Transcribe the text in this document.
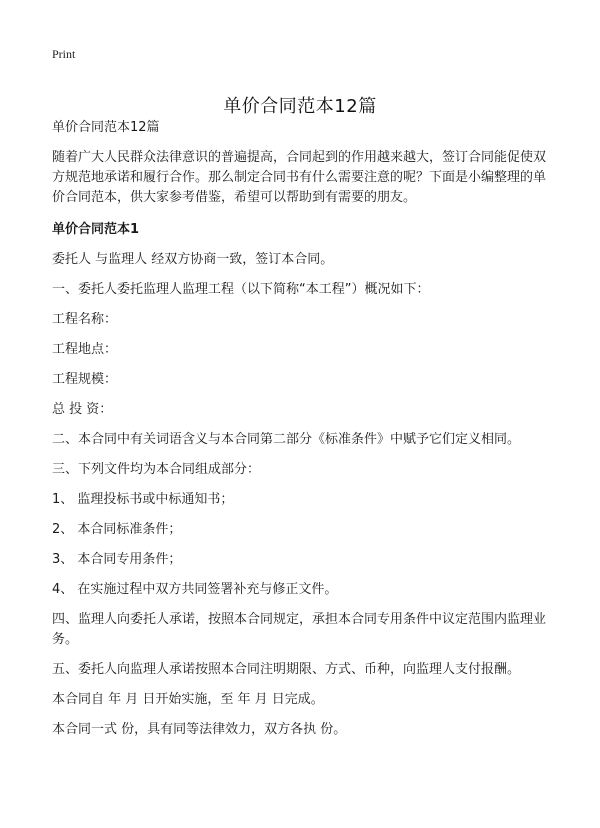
Print
单价合同范本12篇

单价合同范本12篇

随着广大人民群众法律意识的普遍提高，合同起到的作用越来越大，签订合同能促使双方规范地承诺和履行合作。那么制定合同书有什么需要注意的呢？下面是小编整理的单价合同范本，供大家参考借鉴，希望可以帮助到有需要的朋友。

单价合同范本1

委托人 与监理人 经双方协商一致，签订本合同。

一、委托人委托监理人监理工程（以下简称“本工程”）概况如下：

工程名称：

工程地点：

工程规模：

总 投 资：

二、本合同中有关词语含义与本合同第二部分《标准条件》中赋予它们定义相同。

三、下列文件均为本合同组成部分：

1、 监理投标书或中标通知书；

2、 本合同标准条件；

3、 本合同专用条件；

4、 在实施过程中双方共同签署补充与修正文件。

四、监理人向委托人承诺，按照本合同规定，承担本合同专用条件中议定范围内监理业务。

五、委托人向监理人承诺按照本合同注明期限、方式、币种，向监理人支付报酬。

本合同自 年 月 日开始实施，至 年 月 日完成。

本合同一式 份，具有同等法律效力，双方各执 份。
